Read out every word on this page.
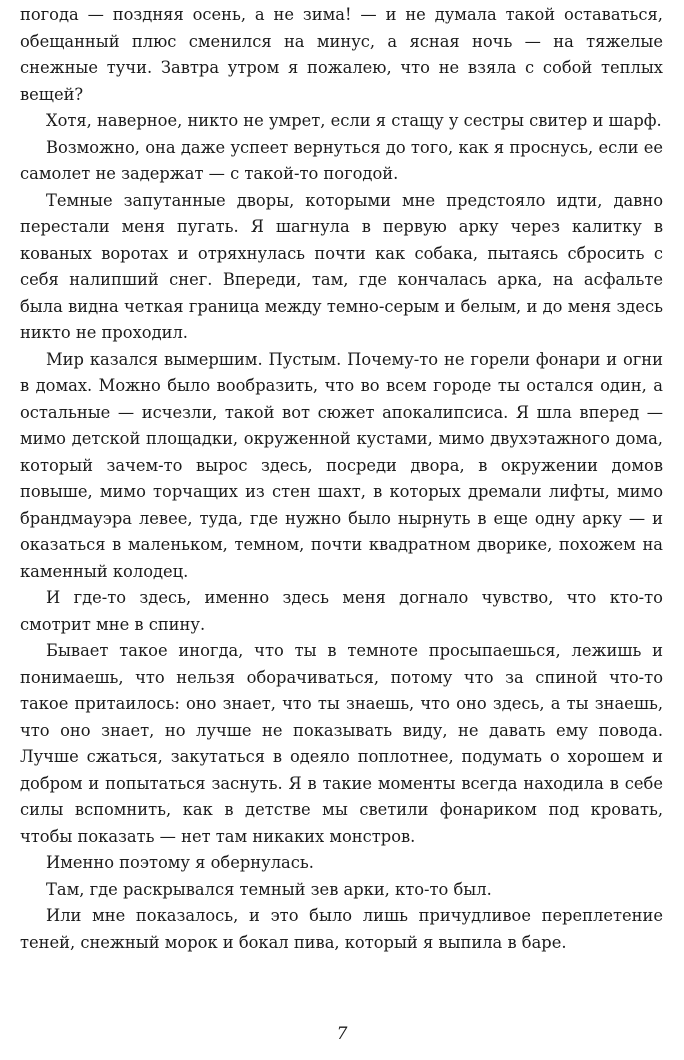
погода — поздняя осень, а не зима! — и не думала такой оставаться, обещанный плюс сменился на минус, а ясная ночь — на тяжелые снежные тучи. Завтра утром я пожалею, что не взяла с собой теплых вещей?

Хотя, наверное, никто не умрет, если я стащу у сестры свитер и шарф.

Возможно, она даже успеет вернуться до того, как я проснусь, если ее самолет не задержат — с такой-то погодой.

Темные запутанные дворы, которыми мне предстояло идти, давно перестали меня пугать. Я шагнула в первую арку через калитку в кованых воротах и отряхнулась почти как собака, пытаясь сбросить с себя налипший снег. Впереди, там, где кончалась арка, на асфальте была видна четкая граница между темно-серым и белым, и до меня здесь никто не проходил.

Мир казался вымершим. Пустым. Почему-то не горели фонари и огни в домах. Можно было вообразить, что во всем городе ты остался один, а остальные — исчезли, такой вот сюжет апокалипсиса. Я шла вперед — мимо детской площадки, окруженной кустами, мимо двухэтажного дома, который зачем-то вырос здесь, посреди двора, в окружении домов повыше, мимо торчащих из стен шахт, в которых дремали лифты, мимо брандмауэра левее, туда, где нужно было нырнуть в еще одну арку — и оказаться в маленьком, темном, почти квадратном дворике, похожем на каменный колодец.

И где-то здесь, именно здесь меня догнало чувство, что кто-то смотрит мне в спину.

Бывает такое иногда, что ты в темноте просыпаешься, лежишь и понимаешь, что нельзя оборачиваться, потому что за спиной что-то такое притаилось: оно знает, что ты знаешь, что оно здесь, а ты знаешь, что оно знает, но лучше не показывать виду, не давать ему повода. Лучше сжаться, закутаться в одеяло поплотнее, подумать о хорошем и добром и попытаться заснуть. Я в такие моменты всегда находила в себе силы вспомнить, как в детстве мы светили фонариком под кровать, чтобы показать — нет там никаких монстров.

Именно поэтому я обернулась.

Там, где раскрывался темный зев арки, кто-то был.

Или мне показалось, и это было лишь причудливое переплетение теней, снежный морок и бокал пива, который я выпила в баре.

7
